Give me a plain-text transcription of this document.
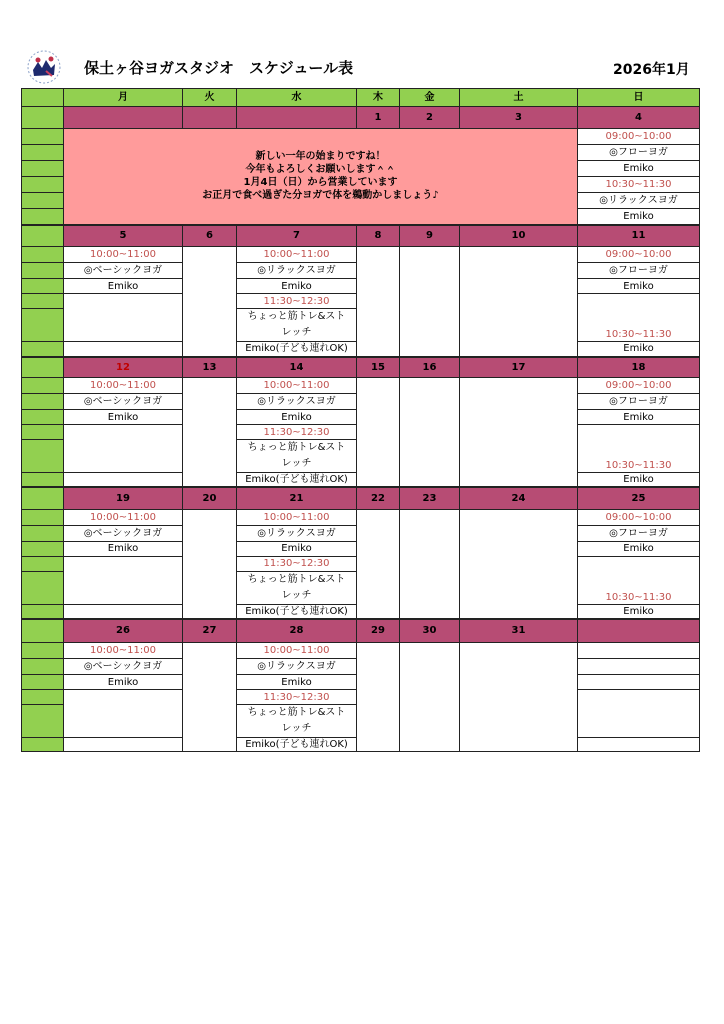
保土ヶ谷ヨガスタジオ　スケジュール表	2026年1月
	月	火	水	木	金	土	日
				1	2	3	4

	新しい一年の始まりですね！
今年もよろしくお願いします＾＾
1月4日（日）から営業しています
お正月で食べ過ぎた分ヨガで体を鵜動かしましょう♪						09:00~10:00
							◎フローヨガ
							Emiko
							10:30~11:30
							◎リラックスヨガ
							Emiko
	5	6	7	8	9	10	11
	10:00~11:00		10:00~11:00				09:00~10:00
	◎ベーシックヨガ		◎リラックスヨガ				◎フローヨガ
	Emiko		Emiko				Emiko
			11:30~12:30				10:30~11:30

			ちょっと筋トレ&スト
レッチ				

			Emiko(子ども連れOK)				Emiko
	12	13	14	15	16	17	18
	10:00~11:00		10:00~11:00				09:00~10:00
	◎ベーシックヨガ		◎リラックスヨガ				◎フローヨガ
	Emiko		Emiko				Emiko
			11:30~12:30				10:30~11:30

			ちょっと筋トレ&スト
レッチ				

			Emiko(子ども連れOK)				Emiko
	19	20	21	22	23	24	25
	10:00~11:00		10:00~11:00				09:00~10:00
	◎ベーシックヨガ		◎リラックスヨガ				◎フローヨガ
	Emiko		Emiko				Emiko
			11:30~12:30				10:30~11:30

			ちょっと筋トレ&スト
レッチ				

			Emiko(子ども連れOK)				Emiko
	26	27	28	29	30	31	
	10:00~11:00		10:00~11:00				
	◎ベーシックヨガ		◎リラックスヨガ				
	Emiko		Emiko				
			11:30~12:30				

			ちょっと筋トレ&スト
レッチ				

			Emiko(子ども連れOK)				
